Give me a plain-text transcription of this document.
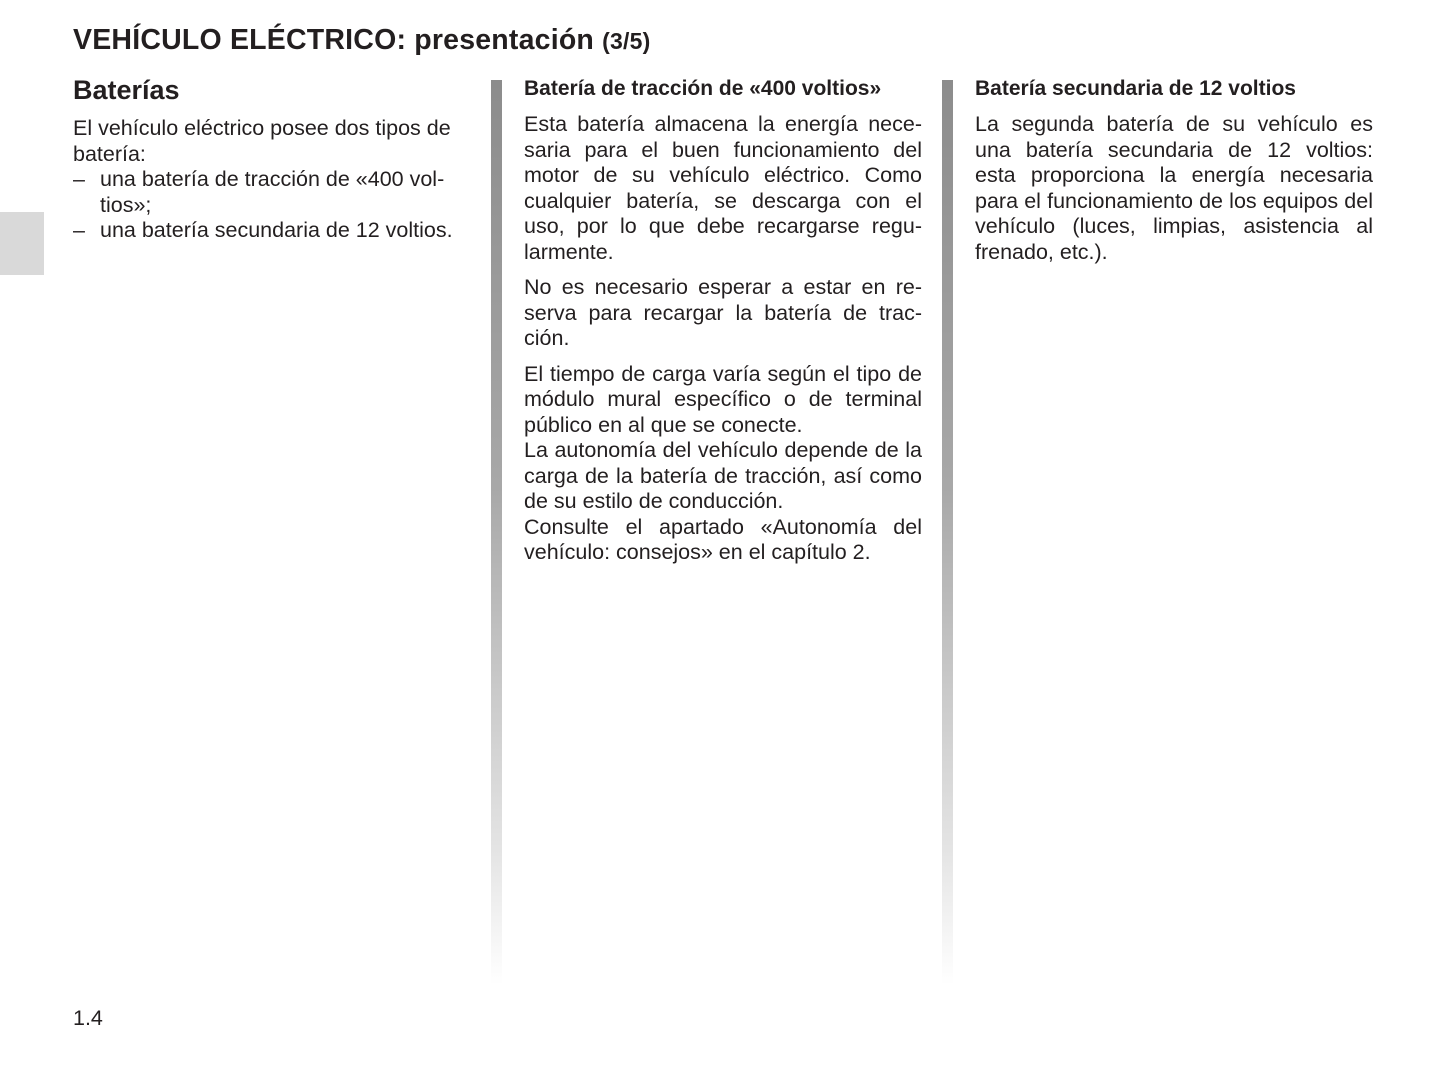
VEHÍCULO ELÉCTRICO: presentación (3/5)
Baterías

El vehículo eléctrico posee dos tipos de batería:

– una batería de tracción de «400 voltios»;
– una batería secundaria de 12 voltios.
Batería de tracción de «400 voltios»

Esta batería almacena la energía necesaria para el buen funcionamiento del motor de su vehículo eléctrico. Como cualquier batería, se descarga con el uso, por lo que debe recargarse regularmente.

No es necesario esperar a estar en reserva para recargar la batería de tracción.

El tiempo de carga varía según el tipo de módulo mural específico o de terminal público en al que se conecte.

La autonomía del vehículo depende de la carga de la batería de tracción, así como de su estilo de conducción.

Consulte el apartado «Autonomía del vehículo: consejos» en el capítulo 2.

Batería secundaria de 12 voltios

La segunda batería de su vehículo es una batería secundaria de 12 voltios: esta proporciona la energía necesaria para el funcionamiento de los equipos del vehículo (luces, limpias, asistencia al frenado, etc.).

1.4
